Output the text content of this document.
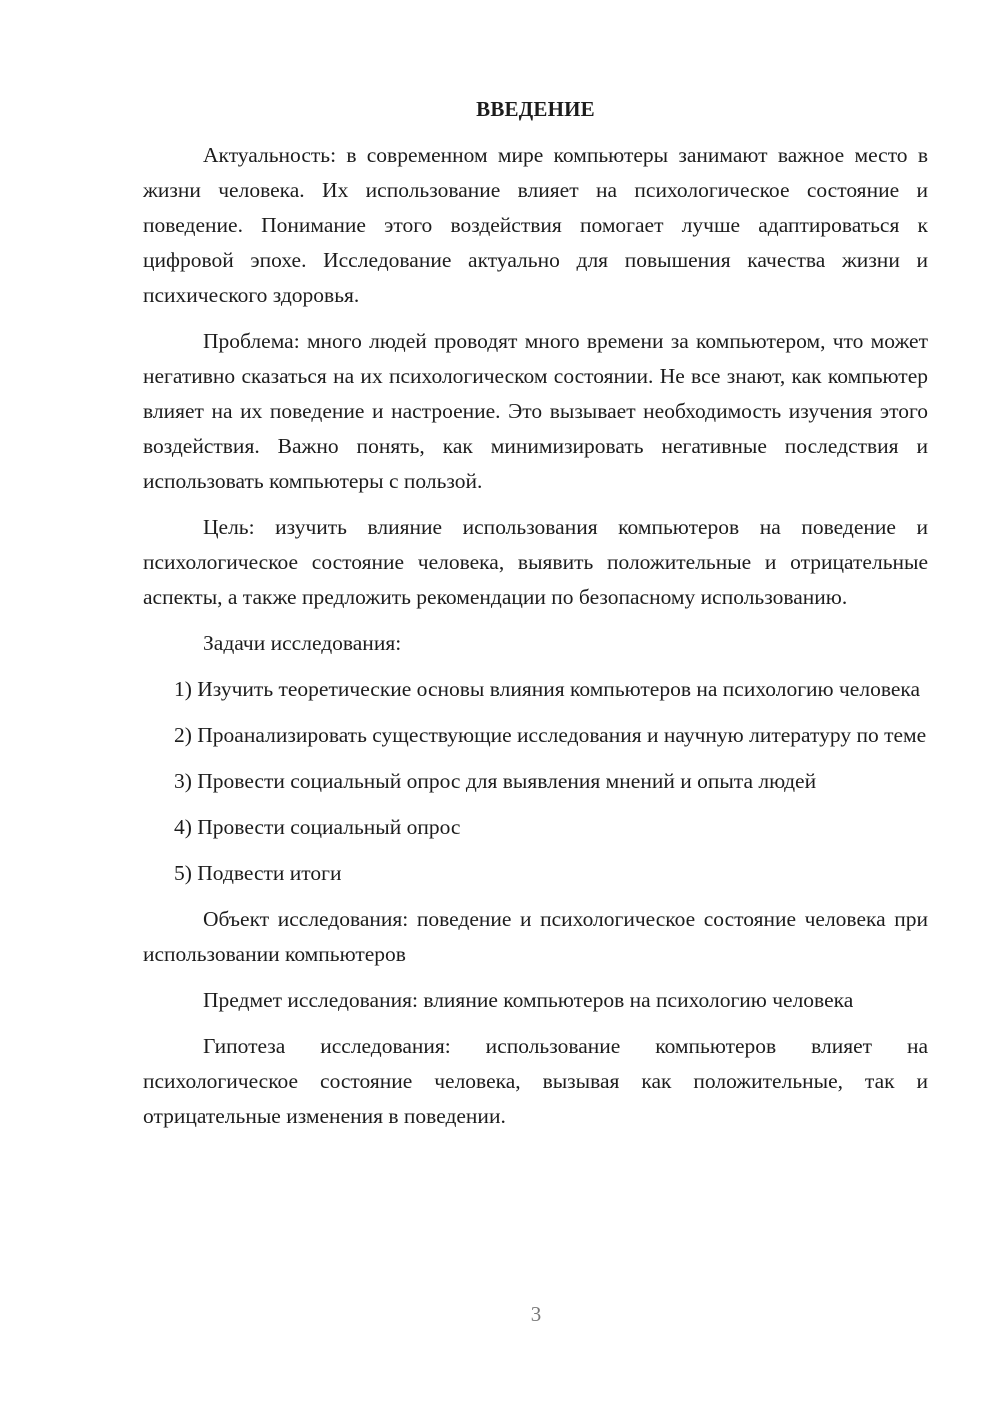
ВВЕДЕНИЕ

Актуальность: в современном мире компьютеры занимают важное место в жизни человека. Их использование влияет на психологическое состояние и поведение. Понимание этого воздействия помогает лучше адаптироваться к цифровой эпохе. Исследование актуально для повышения качества жизни и психического здоровья.

Проблема: много людей проводят много времени за компьютером, что может негативно сказаться на их психологическом состоянии. Не все знают, как компьютер влияет на их поведение и настроение. Это вызывает необходимость изучения этого воздействия. Важно понять, как минимизировать негативные последствия и использовать компьютеры с пользой.

Цель: изучить влияние использования компьютеров на поведение и психологическое состояние человека, выявить положительные и отрицательные аспекты, а также предложить рекомендации по безопасному использованию.

Задачи исследования:

1) Изучить теоретические основы влияния компьютеров на психологию человека

2) Проанализировать существующие исследования и научную литературу по теме

3) Провести социальный опрос для выявления мнений и опыта людей

4) Провести социальный опрос

5) Подвести итоги

Объект исследования: поведение и психологическое состояние человека при использовании компьютеров

Предмет исследования: влияние компьютеров на психологию человека

Гипотеза исследования: использование компьютеров влияет на психологическое состояние человека, вызывая как положительные, так и отрицательные изменения в поведении.

3
